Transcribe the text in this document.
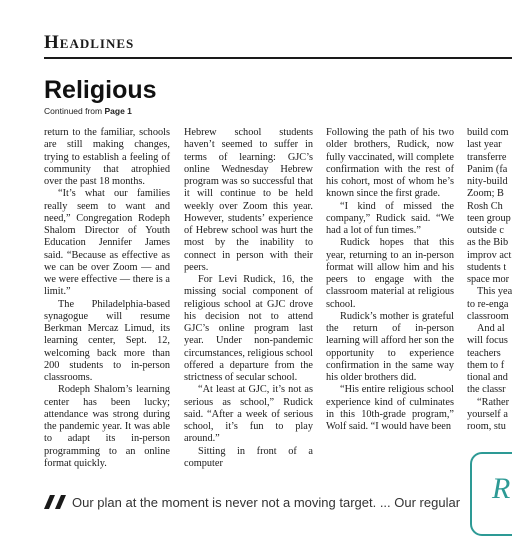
Headlines
Religious
Continued from Page 1

return to the familiar, schools are still making changes, trying to establish a feeling of community that atrophied over the past 18 months.

“It’s what our families really seem to want and need,” Congregation Rodeph Shalom Director of Youth Education Jennifer James said. “Because as effective as we can be over Zoom — and we were effective — there is a limit.”

The Philadelphia-based synagogue will resume Berkman Mercaz Limud, its learning center, Sept. 12, welcoming back more than 200 students to in-person classrooms.

Rodeph Shalom’s learning center has been lucky; attendance was strong during the pandemic year. It was able to adapt its in-person programming to an online format quickly.

Hebrew school students haven’t seemed to suffer in terms of learning: GJC’s online Wednesday Hebrew program was so successful that it will continue to be held weekly over Zoom this year. However, students’ experience of Hebrew school was hurt the most by the inability to connect in person with their peers.

For Levi Rudick, 16, the missing social component of religious school at GJC drove his decision not to attend GJC’s online program last year. Under non-pandemic circumstances, religious school offered a departure from the strictness of secular school.

“At least at GJC, it’s not as serious as school,” Rudick said. “After a week of serious school, it’s fun to play around.”

Sitting in front of a computer

Following the path of his two older brothers, Rudick, now fully vaccinated, will complete confirmation with the rest of his cohort, most of whom he’s known since the first grade.

“I kind of missed the company,” Rudick said. “We had a lot of fun times.”

Rudick hopes that this year, returning to an in-person format will allow him and his peers to engage with the classroom material at religious school.

Rudick’s mother is grateful the return of in-person learning will afford her son the opportunity to experience confirmation in the same way his older brothers did.

“His entire religious school experience kind of culminates in this 10th-grade program,” Wolf said. “I would have been

build com
last year
transferre
Panim (fa
nity-build
Zoom; B
Rosh Ch
teen group
outside c
as the Bib
improv act
students t
space mor
This yea
to re-enga
classroom
And al
will focus
teachers
them to f
tional and
the classr
“Rather
yourself a
room, stu
Our plan at the moment is never not a moving target. ... Our regular R
